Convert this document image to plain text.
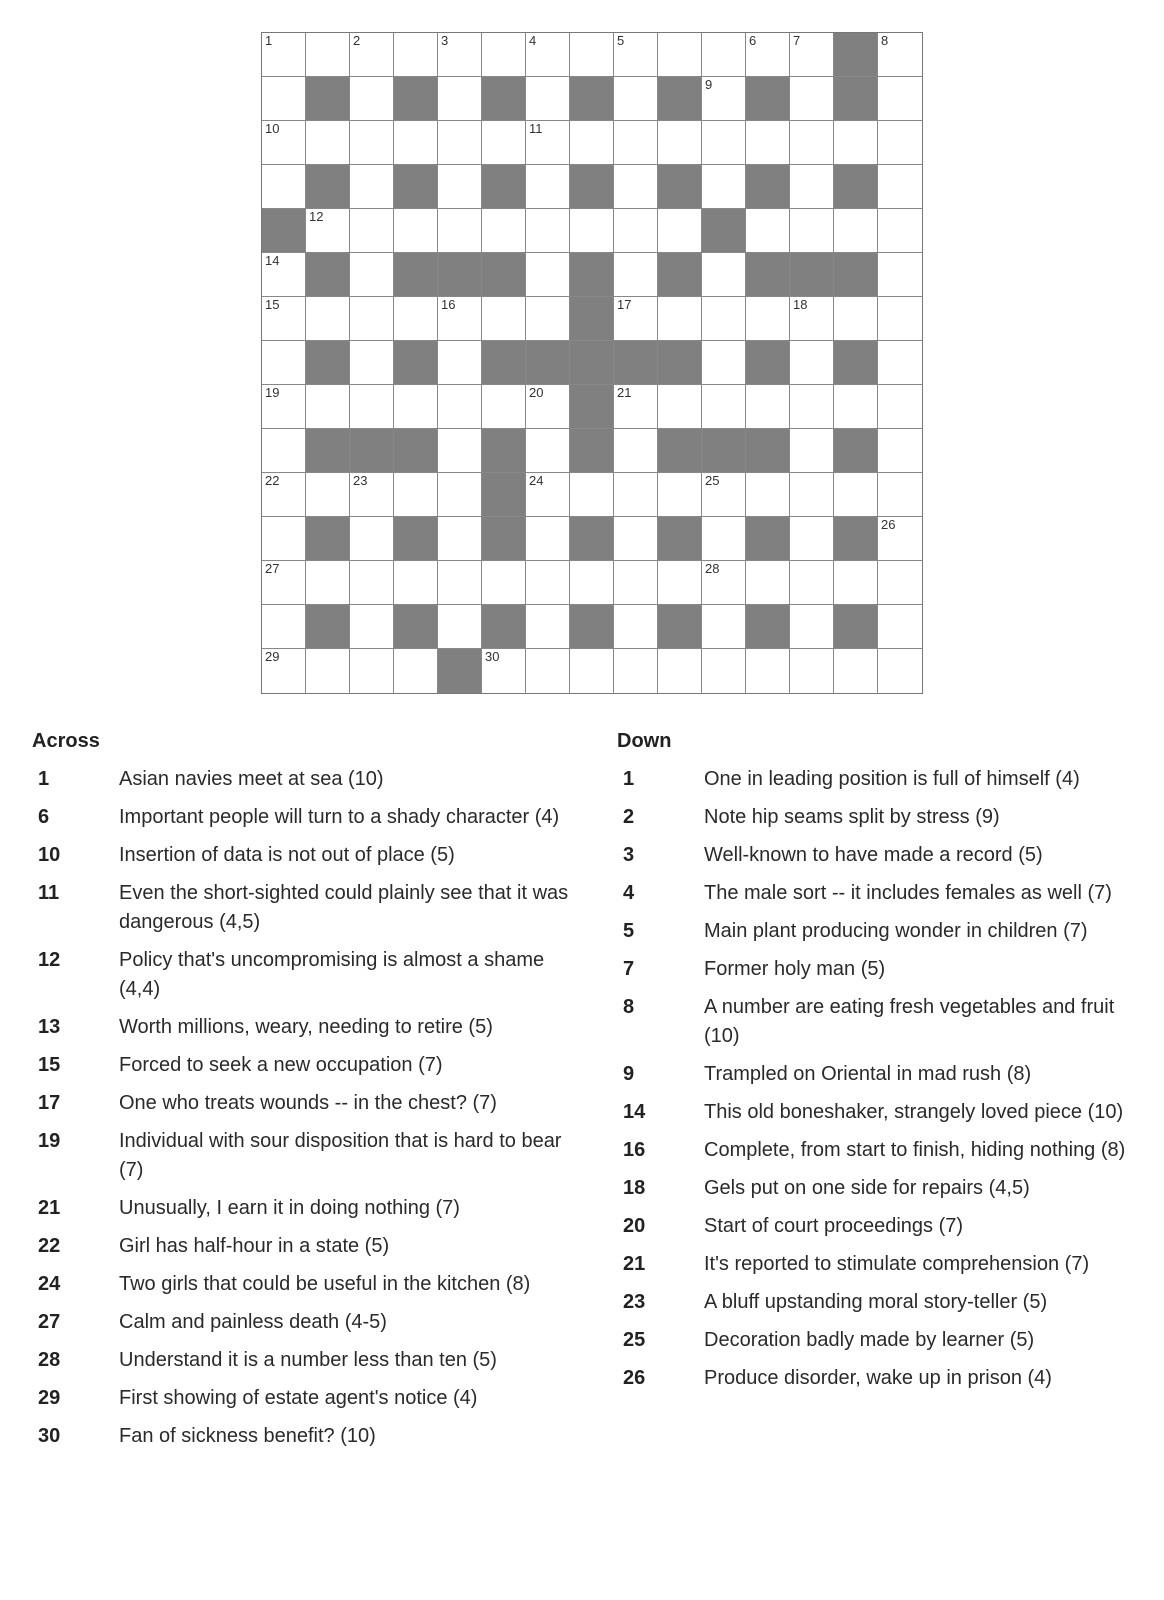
1	2	3	4	5	6	7	8
9
10	11
12
14
15	16	17	18
19	20	21
22	23	24	25
26
27	28
29	30
Across
1	Asian navies meet at sea (10)
6	Important people will turn to a shady character (4)
10	Insertion of data is not out of place (5)
11	Even the short-sighted could plainly see that it was dangerous (4,5)
12	Policy that's uncompromising is almost a shame (4,4)
13	Worth millions, weary, needing to retire (5)
15	Forced to seek a new occupation (7)
17	One who treats wounds -- in the chest? (7)
19	Individual with sour disposition that is hard to bear (7)
21	Unusually, I earn it in doing nothing (7)
22	Girl has half-hour in a state (5)
24	Two girls that could be useful in the kitchen (8)
27	Calm and painless death (4-5)
28	Understand it is a number less than ten (5)
29	First showing of estate agent's notice (4)
30	Fan of sickness benefit? (10)
Down
1	One in leading position is full of himself (4)
2	Note hip seams split by stress (9)
3	Well-known to have made a record (5)
4	The male sort -- it includes females as well (7)
5	Main plant producing wonder in children (7)
7	Former holy man (5)
8	A number are eating fresh vegetables and fruit (10)
9	Trampled on Oriental in mad rush (8)
14	This old boneshaker, strangely loved piece (10)
16	Complete, from start to finish, hiding nothing (8)
18	Gels put on one side for repairs (4,5)
20	Start of court proceedings (7)
21	It's reported to stimulate comprehension (7)
23	A bluff upstanding moral story-teller (5)
25	Decoration badly made by learner (5)
26	Produce disorder, wake up in prison (4)
